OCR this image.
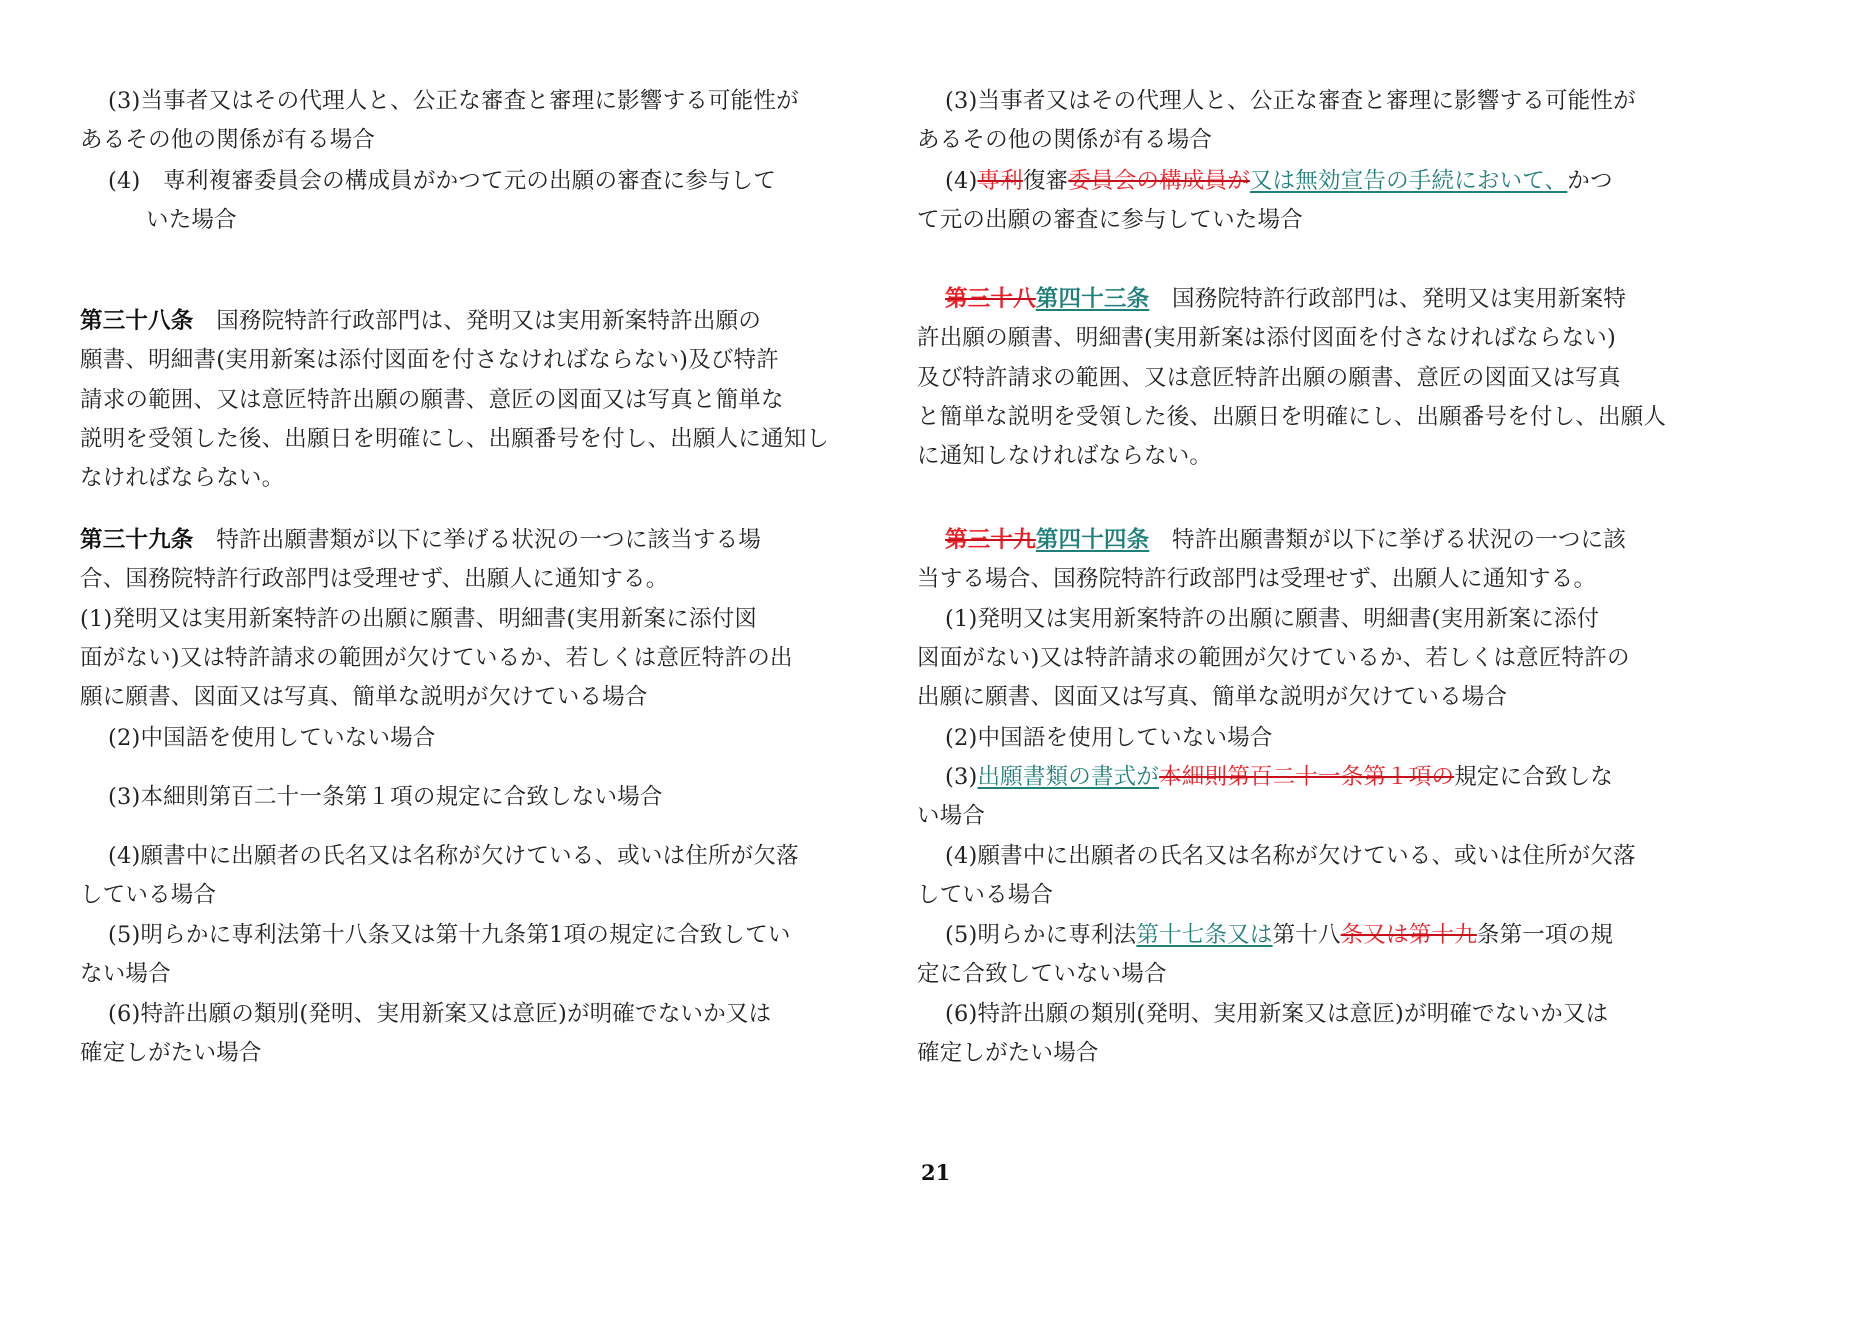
(3)当事者又はその代理人と、公正な審査と審理に影響する可能性が
あるその他の関係が有る場合
(4)　専利複審委員会の構成員がかつて元の出願の審査に参与して
いた場合
第三十八条　 国務院特許行政部門は、発明又は実用新案特許出願の
願書、明細書(実用新案は添付図面を付さなければならない)及び特許
請求の範囲、又は意匠特許出願の願書、意匠の図面又は写真と簡単な
説明を受領した後、出願日を明確にし、出願番号を付し、出願人に通知し
なければならない。
第三十九条　 特許出願書類が以下に挙げる状況の一つに該当する場
合、国務院特許行政部門は受理せず、出願人に通知する。
(1)発明又は実用新案特許の出願に願書、明細書(実用新案に添付図
面がない)又は特許請求の範囲が欠けているか、若しくは意匠特許の出
願に願書、図面又は写真、簡単な説明が欠けている場合
(2)中国語を使用していない場合
(3)本細則第百二十一条第１項の規定に合致しない場合
(4)願書中に出願者の氏名又は名称が欠けている、或いは住所が欠落
している場合
(5)明らかに専利法第十八条又は第十九条第1項の規定に合致してい
ない場合
(6)特許出願の類別(発明、実用新案又は意匠)が明確でないか又は
確定しがたい場合
(3)当事者又はその代理人と、公正な審査と審理に影響する可能性が
あるその他の関係が有る場合
(4)専利復審委員会の構成員が又は無効宣告の手続において、かつ
て元の出願の審査に参与していた場合
第三十八第四十三条　 国務院特許行政部門は、発明又は実用新案特
許出願の願書、明細書(実用新案は添付図面を付さなければならない)
及び特許請求の範囲、又は意匠特許出願の願書、意匠の図面又は写真
と簡単な説明を受領した後、出願日を明確にし、出願番号を付し、出願人
に通知しなければならない。
第三十九第四十四条　 特許出願書類が以下に挙げる状況の一つに該
当する場合、国務院特許行政部門は受理せず、出願人に通知する。
(1)発明又は実用新案特許の出願に願書、明細書(実用新案に添付
図面がない)又は特許請求の範囲が欠けているか、若しくは意匠特許の
出願に願書、図面又は写真、簡単な説明が欠けている場合
(2)中国語を使用していない場合
(3)出願書類の書式が本細則第百二十一条第１項の規定に合致しな
い場合
(4)願書中に出願者の氏名又は名称が欠けている、或いは住所が欠落
している場合
(5)明らかに専利法第十七条又は第十八条又は第十九条第一項の規
定に合致していない場合
(6)特許出願の類別(発明、実用新案又は意匠)が明確でないか又は
確定しがたい場合
21
